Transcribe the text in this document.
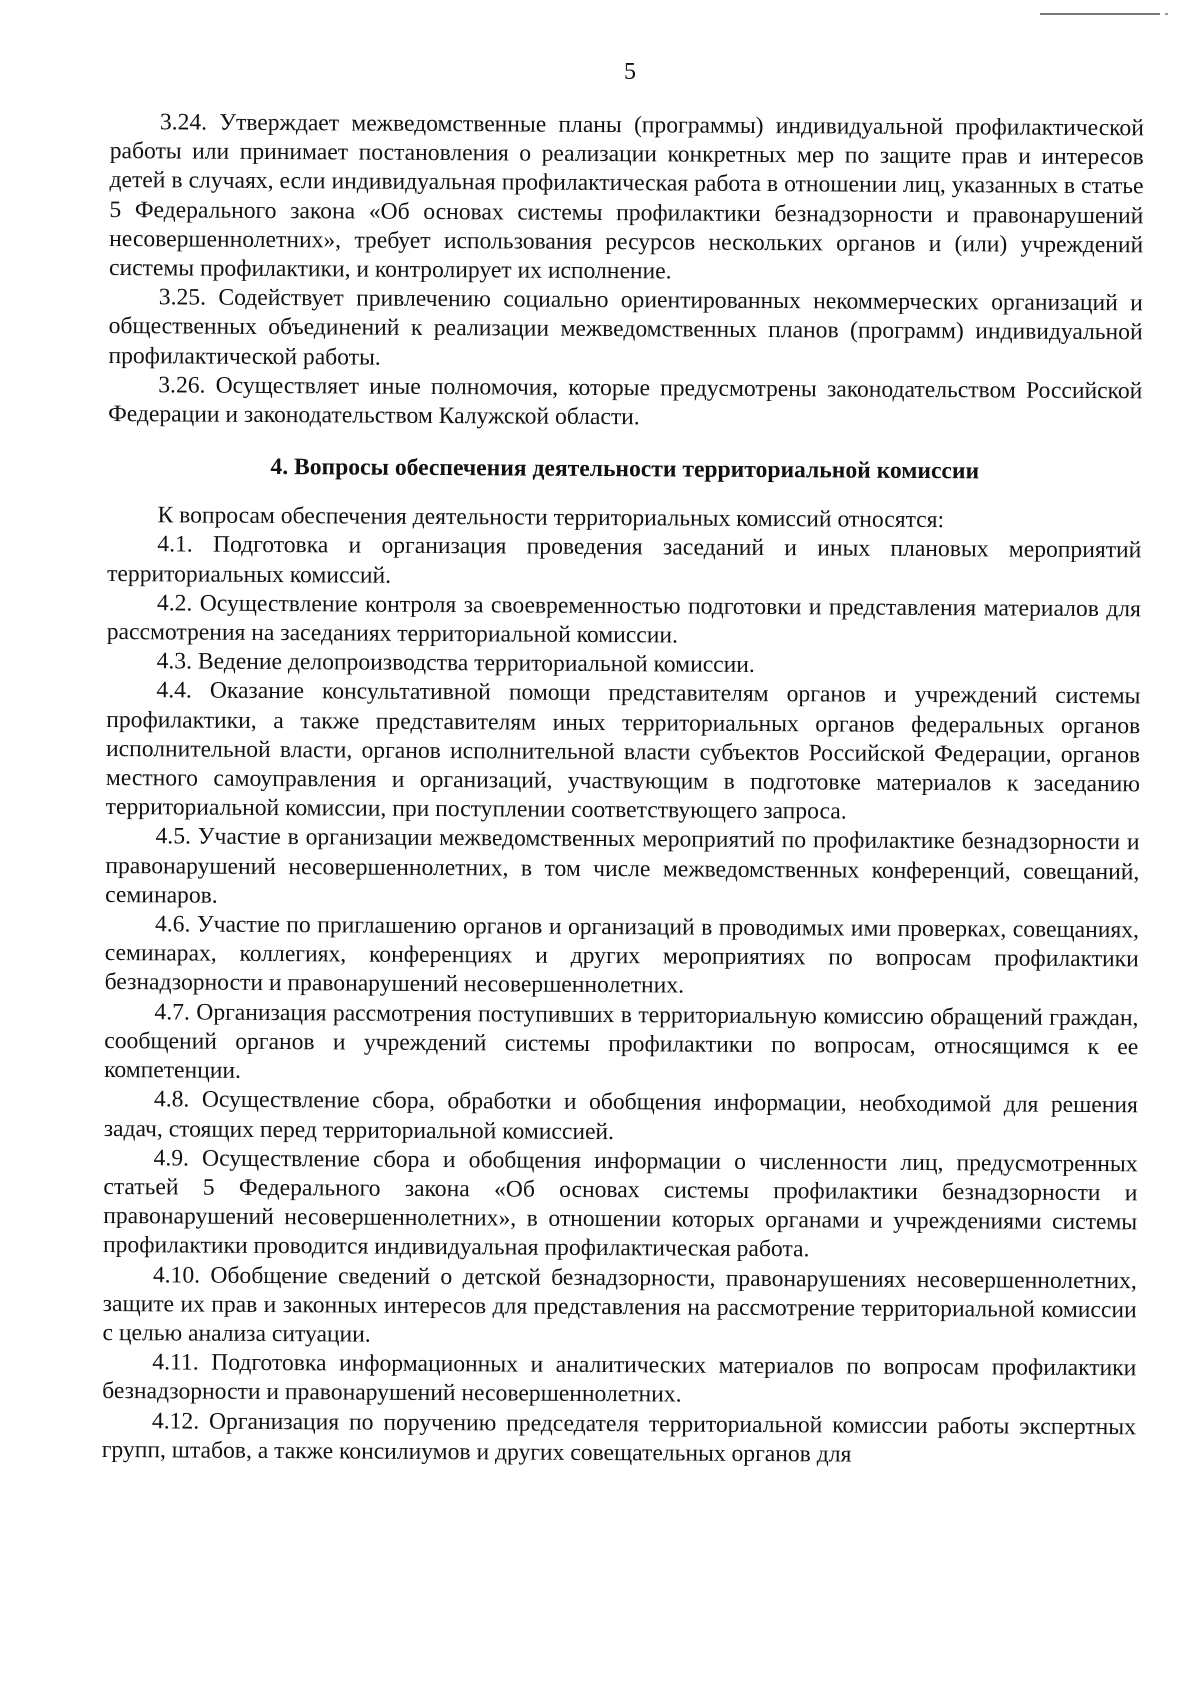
5

3.24. Утверждает межведомственные планы (программы) индивидуальной профилактической работы или принимает постановления о реализации конкретных мер по защите прав и интересов детей в случаях, если индивидуальная профилактическая работа в отношении лиц, указанных в статье 5 Федерального закона «Об основах системы профилактики безнадзорности и правонарушений несовершеннолетних», требует использования ресурсов нескольких органов и (или) учреждений системы профилактики, и контролирует их исполнение.

3.25. Содействует привлечению социально ориентированных некоммерческих организаций и общественных объединений к реализации межведомственных планов (программ) индивидуальной профилактической работы.

3.26. Осуществляет иные полномочия, которые предусмотрены законодательством Российской Федерации и законодательством Калужской области.

4. Вопросы обеспечения деятельности территориальной комиссии

К вопросам обеспечения деятельности территориальных комиссий относятся:

4.1. Подготовка и организация проведения заседаний и иных плановых мероприятий территориальных комиссий.

4.2. Осуществление контроля за своевременностью подготовки и представления материалов для рассмотрения на заседаниях территориальной комиссии.

4.3. Ведение делопроизводства территориальной комиссии.

4.4. Оказание консультативной помощи представителям органов и учреждений системы профилактики, а также представителям иных территориальных органов федеральных органов исполнительной власти, органов исполнительной власти субъектов Российской Федерации, органов местного самоуправления и организаций, участвующим в подготовке материалов к заседанию территориальной комиссии, при поступлении соответствующего запроса.

4.5. Участие в организации межведомственных мероприятий по профилактике безнадзорности и правонарушений несовершеннолетних, в том числе межведомственных конференций, совещаний, семинаров.

4.6. Участие по приглашению органов и организаций в проводимых ими проверках, совещаниях, семинарах, коллегиях, конференциях и других мероприятиях по вопросам профилактики безнадзорности и правонарушений несовершеннолетних.

4.7. Организация рассмотрения поступивших в территориальную комиссию обращений граждан, сообщений органов и учреждений системы профилактики по вопросам, относящимся к ее компетенции.

4.8. Осуществление сбора, обработки и обобщения информации, необходимой для решения задач, стоящих перед территориальной комиссией.

4.9. Осуществление сбора и обобщения информации о численности лиц, предусмотренных статьей 5 Федерального закона «Об основах системы профилактики безнадзорности и правонарушений несовершеннолетних», в отношении которых органами и учреждениями системы профилактики проводится индивидуальная профилактическая работа.

4.10. Обобщение сведений о детской безнадзорности, правонарушениях несовершеннолетних, защите их прав и законных интересов для представления на рассмотрение территориальной комиссии с целью анализа ситуации.

4.11. Подготовка информационных и аналитических материалов по вопросам профилактики безнадзорности и правонарушений несовершеннолетних.

4.12. Организация по поручению председателя территориальной комиссии работы экспертных групп, штабов, а также консилиумов и других совещательных органов для
